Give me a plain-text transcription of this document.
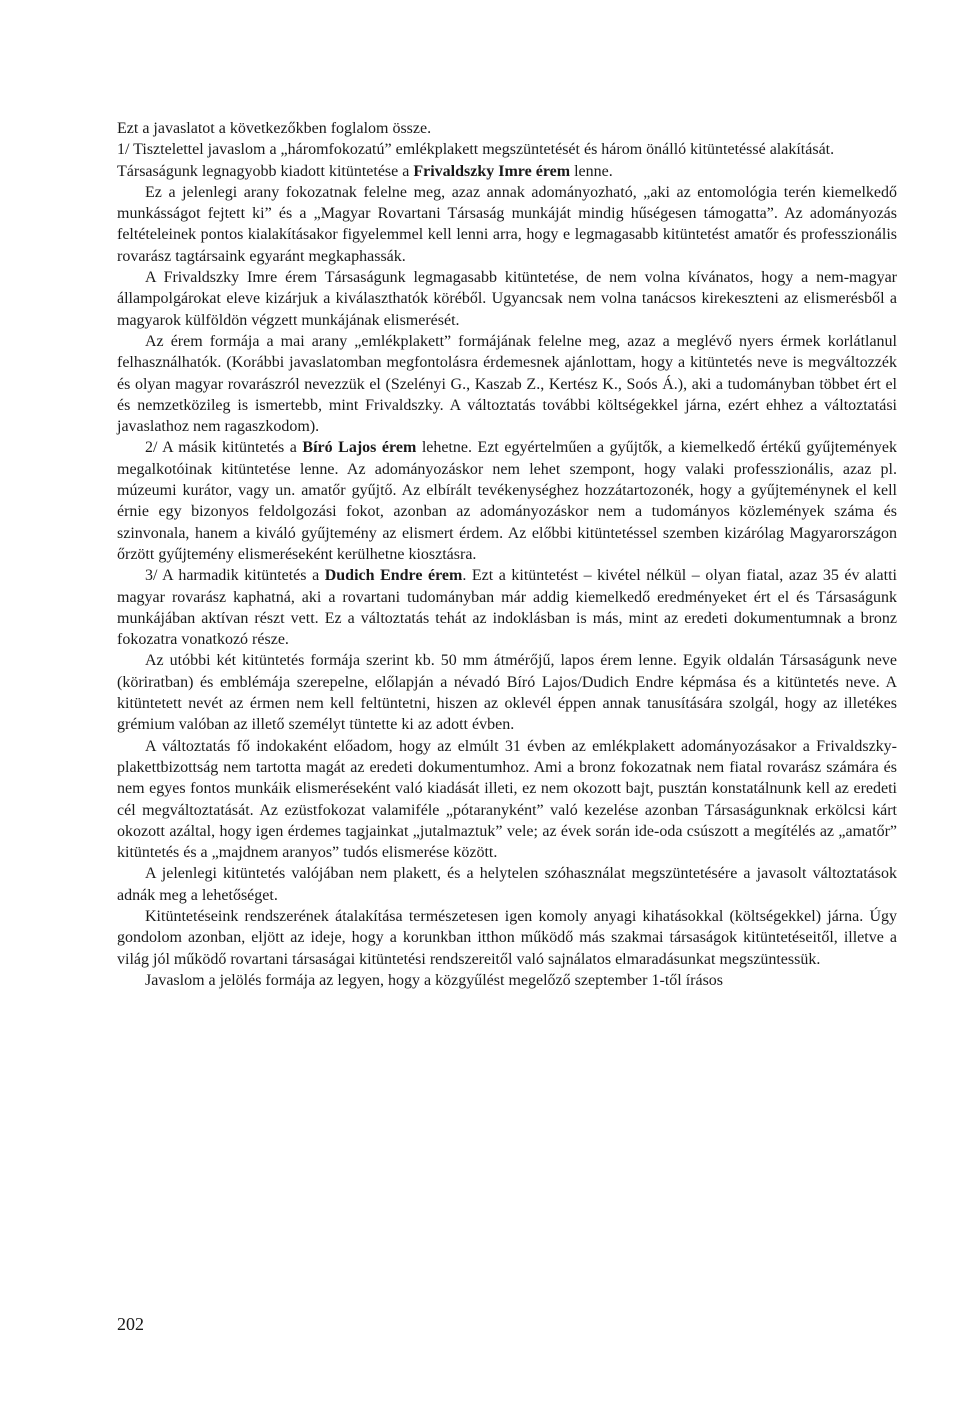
Ezt a javaslatot a következőkben foglalom össze.

1/ Tisztelettel javaslom a „háromfokozatú” emlékplakett megszüntetését és három önálló kitüntetéssé alakítását.

Társaságunk legnagyobb kiadott kitüntetése a Frivaldszky Imre érem lenne.

Ez a jelenlegi arany fokozatnak felelne meg, azaz annak adományozható, „aki az entomológia terén kiemelkedő munkásságot fejtett ki” és a „Magyar Rovartani Társaság munkáját mindig hűségesen támogatta”. Az adományozás feltételeinek pontos kialakításakor figyelemmel kell lenni arra, hogy e legmagasabb kitüntetést amatőr és professzionális rovarász tagtársaink egyaránt megkaphassák.

A Frivaldszky Imre érem Társaságunk legmagasabb kitüntetése, de nem volna kívánatos, hogy a nem-magyar állampolgárokat eleve kizárjuk a kiválaszthatók köréből. Ugyancsak nem volna tanácsos kirekeszteni az elismerésből a magyarok külföldön végzett munkájának elismerését.

Az érem formája a mai arany „emlékplakett” formájának felelne meg, azaz a meglévő nyers érmek korlátlanul felhasználhatók. (Korábbi javaslatomban megfontolásra érdemesnek ajánlottam, hogy a kitüntetés neve is megváltozzék és olyan magyar rovarászról nevezzük el (Szelényi G., Kaszab Z., Kertész K., Soós Á.), aki a tudományban többet ért el és nemzetközileg is ismertebb, mint Frivaldszky. A változtatás további költségekkel járna, ezért ehhez a változtatási javaslathoz nem ragaszkodom).

2/ A másik kitüntetés a Bíró Lajos érem lehetne. Ezt egyértelműen a gyűjtők, a kiemelkedő értékű gyűjtemények megalkotóinak kitüntetése lenne. Az adományozáskor nem lehet szempont, hogy valaki professzionális, azaz pl. múzeumi kurátor, vagy un. amatőr gyűjtő. Az elbírált tevékenységhez hozzátartozonék, hogy a gyűjteménynek el kell érnie egy bizonyos feldolgozási fokot, azonban az adományozáskor nem a tudományos közlemények száma és szinvonala, hanem a kiváló gyűjtemény az elismert érdem. Az előbbi kitüntetéssel szemben kizárólag Magyarországon őrzött gyűjtemény elismeréseként kerülhetne kiosztásra.

3/ A harmadik kitüntetés a Dudich Endre érem. Ezt a kitüntetést – kivétel nélkül – olyan fiatal, azaz 35 év alatti magyar rovarász kaphatná, aki a rovartani tudományban már addig kiemelkedő eredményeket ért el és Társaságunk munkájában aktívan részt vett. Ez a változtatás tehát az indoklásban is más, mint az eredeti dokumentumnak a bronz fokozatra vonatkozó része.

Az utóbbi két kitüntetés formája szerint kb. 50 mm átmérőjű, lapos érem lenne. Egyik oldalán Társaságunk neve (köriratban) és emblémája szerepelne, előlapján a névadó Bíró Lajos/Dudich Endre képmása és a kitüntetés neve. A kitüntetett nevét az érmen nem kell feltüntetni, hiszen az oklevél éppen annak tanusítására szolgál, hogy az illetékes grémium valóban az illető személyt tüntette ki az adott évben.

A változtatás fő indokaként előadom, hogy az elmúlt 31 évben az emlékplakett adományozásakor a Frivaldszky-plakettbizottság nem tartotta magát az eredeti dokumentumhoz. Ami a bronz fokozatnak nem fiatal rovarász számára és nem egyes fontos munkáik elismeréseként való kiadását illeti, ez nem okozott bajt, pusztán konstatálnunk kell az eredeti cél megváltoztatását. Az ezüstfokozat valamiféle „pótaranyként” való kezelése azonban Társaságunknak erkölcsi kárt okozott azáltal, hogy igen érdemes tagjainkat „jutalmaztuk” vele; az évek során ide-oda csúszott a megítélés az „amatőr” kitüntetés és a „majdnem aranyos” tudós elismerése között.

A jelenlegi kitüntetés valójában nem plakett, és a helytelen szóhasználat megszüntetésére a javasolt változtatások adnák meg a lehetőséget.

Kitüntetéseink rendszerének átalakítása természetesen igen komoly anyagi kihatásokkal (költségekkel) járna. Úgy gondolom azonban, eljött az ideje, hogy a korunkban itthon működő más szakmai társaságok kitüntetéseitől, illetve a világ jól működő rovartani társaságai kitüntetési rendszereitől való sajnálatos elmaradásunkat megszüntessük.

Javaslom a jelölés formája az legyen, hogy a közgyűlést megelőző szeptember 1-től írásos

202
